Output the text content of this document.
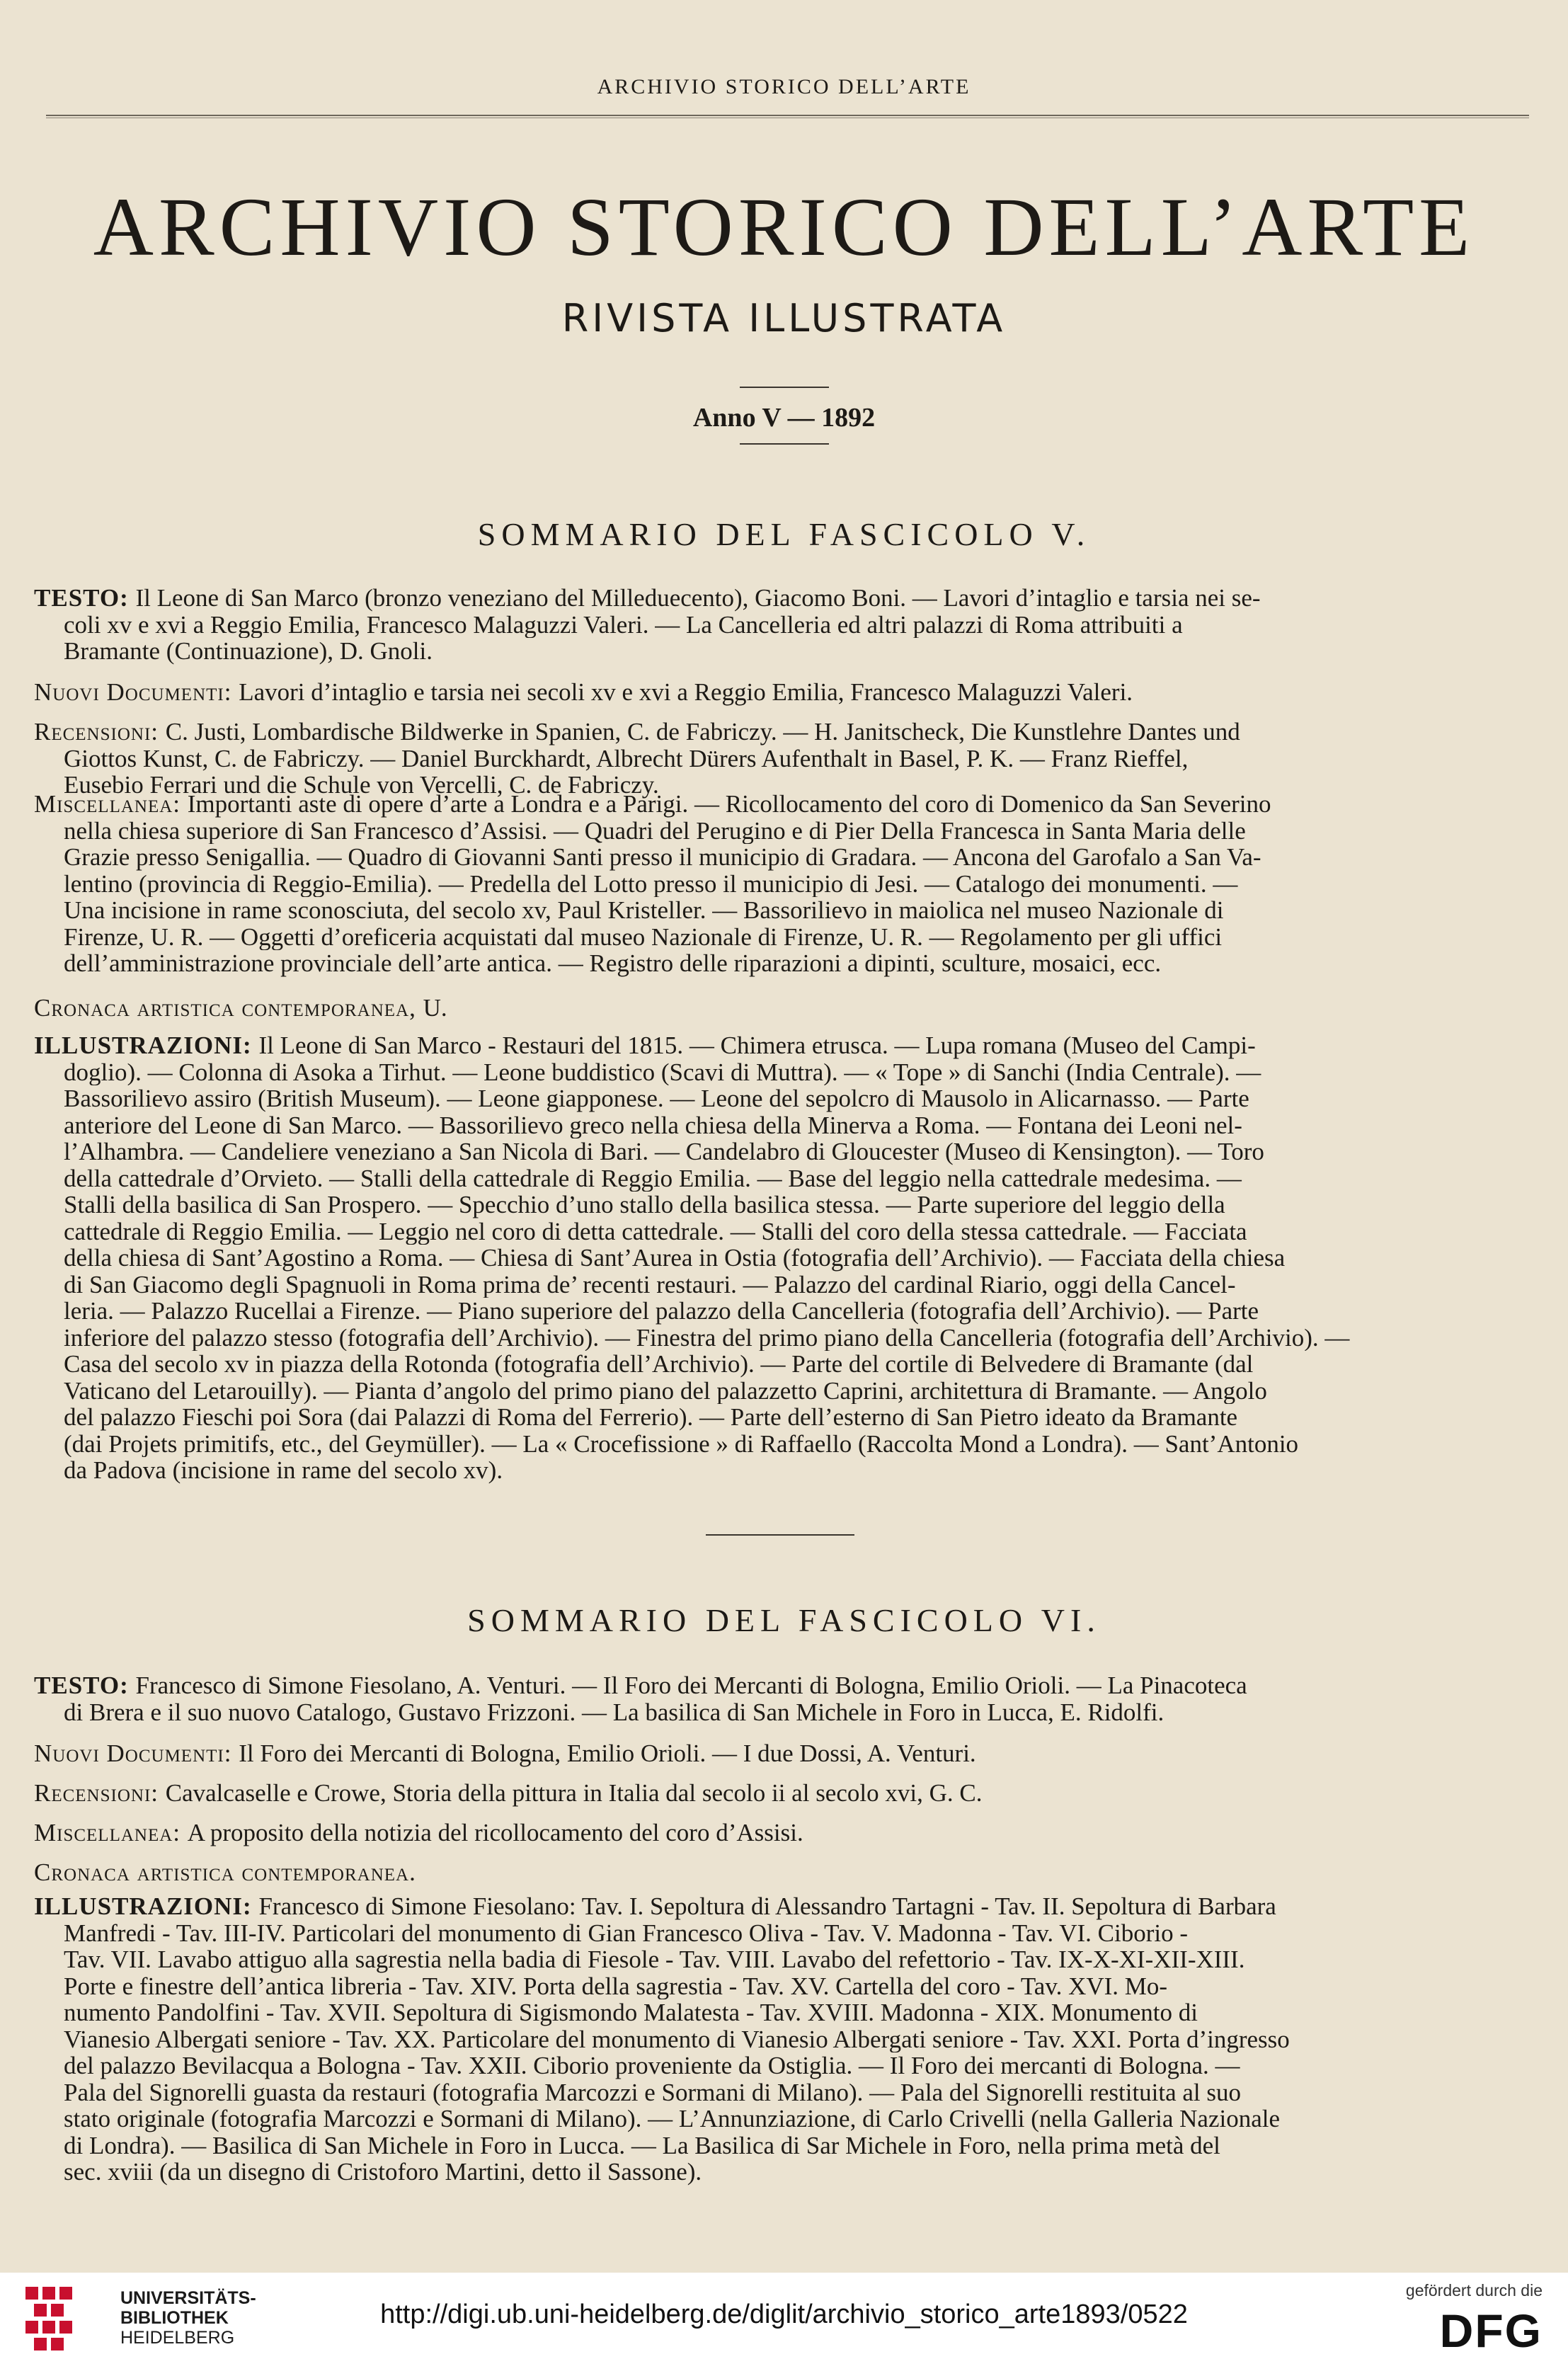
ARCHIVIO STORICO DELL’ARTE
ARCHIVIO STORICO DELL’ARTE
RIVISTA ILLUSTRATA
Anno V — 1892
SOMMARIO DEL FASCICOLO V.
TESTO: Il Leone di San Marco (bronzo veneziano del Milleduecento), Giacomo Boni. — Lavori d’intaglio e tarsia nei se-
coli xv e xvi a Reggio Emilia, Francesco Malaguzzi Valeri. — La Cancelleria ed altri palazzi di Roma attribuiti a
Bramante (Continuazione), D. Gnoli.
Nuovi Documenti: Lavori d’intaglio e tarsia nei secoli xv e xvi a Reggio Emilia, Francesco Malaguzzi Valeri.
Recensioni: C. Justi, Lombardische Bildwerke in Spanien, C. de Fabriczy. — H. Janitscheck, Die Kunstlehre Dantes und
Giottos Kunst, C. de Fabriczy. — Daniel Burckhardt, Albrecht Dürers Aufenthalt in Basel, P. K. — Franz Rieffel,
Eusebio Ferrari und die Schule von Vercelli, C. de Fabriczy.
Miscellanea: Importanti aste di opere d’arte a Londra e a Parigi. — Ricollocamento del coro di Domenico da San Severino
nella chiesa superiore di San Francesco d’Assisi. — Quadri del Perugino e di Pier Della Francesca in Santa Maria delle
Grazie presso Senigallia. — Quadro di Giovanni Santi presso il municipio di Gradara. — Ancona del Garofalo a San Va-
lentino (provincia di Reggio-Emilia). — Predella del Lotto presso il municipio di Jesi. — Catalogo dei monumenti. —
Una incisione in rame sconosciuta, del secolo xv, Paul Kristeller. — Bassorilievo in maiolica nel museo Nazionale di
Firenze, U. R. — Oggetti d’oreficeria acquistati dal museo Nazionale di Firenze, U. R. — Regolamento per gli uffici
dell’amministrazione provinciale dell’arte antica. — Registro delle riparazioni a dipinti, sculture, mosaici, ecc.
Cronaca artistica contemporanea, U.
ILLUSTRAZIONI: Il Leone di San Marco - Restauri del 1815. — Chimera etrusca. — Lupa romana (Museo del Campi-
doglio). — Colonna di Asoka a Tirhut. — Leone buddistico (Scavi di Muttra). — « Tope » di Sanchi (India Centrale). —
Bassorilievo assiro (British Museum). — Leone giapponese. — Leone del sepolcro di Mausolo in Alicarnasso. — Parte
anteriore del Leone di San Marco. — Bassorilievo greco nella chiesa della Minerva a Roma. — Fontana dei Leoni nel-
l’Alhambra. — Candeliere veneziano a San Nicola di Bari. — Candelabro di Gloucester (Museo di Kensington). — Toro
della cattedrale d’Orvieto. — Stalli della cattedrale di Reggio Emilia. — Base del leggio nella cattedrale medesima. —
Stalli della basilica di San Prospero. — Specchio d’uno stallo della basilica stessa. — Parte superiore del leggio della
cattedrale di Reggio Emilia. — Leggio nel coro di detta cattedrale. — Stalli del coro della stessa cattedrale. — Facciata
della chiesa di Sant’Agostino a Roma. — Chiesa di Sant’Aurea in Ostia (fotografia dell’Archivio). — Facciata della chiesa
di San Giacomo degli Spagnuoli in Roma prima de’ recenti restauri. — Palazzo del cardinal Riario, oggi della Cancel-
leria. — Palazzo Rucellai a Firenze. — Piano superiore del palazzo della Cancelleria (fotografia dell’Archivio). — Parte
inferiore del palazzo stesso (fotografia dell’Archivio). — Finestra del primo piano della Cancelleria (fotografia dell’Archivio). —
Casa del secolo xv in piazza della Rotonda (fotografia dell’Archivio). — Parte del cortile di Belvedere di Bramante (dal
Vaticano del Letarouilly). — Pianta d’angolo del primo piano del palazzetto Caprini, architettura di Bramante. — Angolo
del palazzo Fieschi poi Sora (dai Palazzi di Roma del Ferrerio). — Parte dell’esterno di San Pietro ideato da Bramante
(dai Projets primitifs, etc., del Geymüller). — La « Crocefissione » di Raffaello (Raccolta Mond a Londra). — Sant’Antonio
da Padova (incisione in rame del secolo xv).
SOMMARIO DEL FASCICOLO VI.
TESTO: Francesco di Simone Fiesolano, A. Venturi. — Il Foro dei Mercanti di Bologna, Emilio Orioli. — La Pinacoteca
di Brera e il suo nuovo Catalogo, Gustavo Frizzoni. — La basilica di San Michele in Foro in Lucca, E. Ridolfi.
Nuovi Documenti: Il Foro dei Mercanti di Bologna, Emilio Orioli. — I due Dossi, A. Venturi.
Recensioni: Cavalcaselle e Crowe, Storia della pittura in Italia dal secolo ii al secolo xvi, G. C.
Miscellanea: A proposito della notizia del ricollocamento del coro d’Assisi.
Cronaca artistica contemporanea.
ILLUSTRAZIONI: Francesco di Simone Fiesolano: Tav. I. Sepoltura di Alessandro Tartagni - Tav. II. Sepoltura di Barbara
Manfredi - Tav. III-IV. Particolari del monumento di Gian Francesco Oliva - Tav. V. Madonna - Tav. VI. Ciborio -
Tav. VII. Lavabo attiguo alla sagrestia nella badia di Fiesole - Tav. VIII. Lavabo del refettorio - Tav. IX-X-XI-XII-XIII.
Porte e finestre dell’antica libreria - Tav. XIV. Porta della sagrestia - Tav. XV. Cartella del coro - Tav. XVI. Mo-
numento Pandolfini - Tav. XVII. Sepoltura di Sigismondo Malatesta - Tav. XVIII. Madonna - XIX. Monumento di
Vianesio Albergati seniore - Tav. XX. Particolare del monumento di Vianesio Albergati seniore - Tav. XXI. Porta d’ingresso
del palazzo Bevilacqua a Bologna - Tav. XXII. Ciborio proveniente da Ostiglia. — Il Foro dei mercanti di Bologna. —
Pala del Signorelli guasta da restauri (fotografia Marcozzi e Sormani di Milano). — Pala del Signorelli restituita al suo
stato originale (fotografia Marcozzi e Sormani di Milano). — L’Annunziazione, di Carlo Crivelli (nella Galleria Nazionale
di Londra). — Basilica di San Michele in Foro in Lucca. — La Basilica di Sar Michele in Foro, nella prima metà del
sec. xviii (da un disegno di Cristoforo Martini, detto il Sassone).
UNIVERSITÄTS-
BIBLIOTHEK
HEIDELBERG
http://digi.ub.uni-heidelberg.de/diglit/archivio_storico_arte1893/0522
gefördert durch die
DFG
